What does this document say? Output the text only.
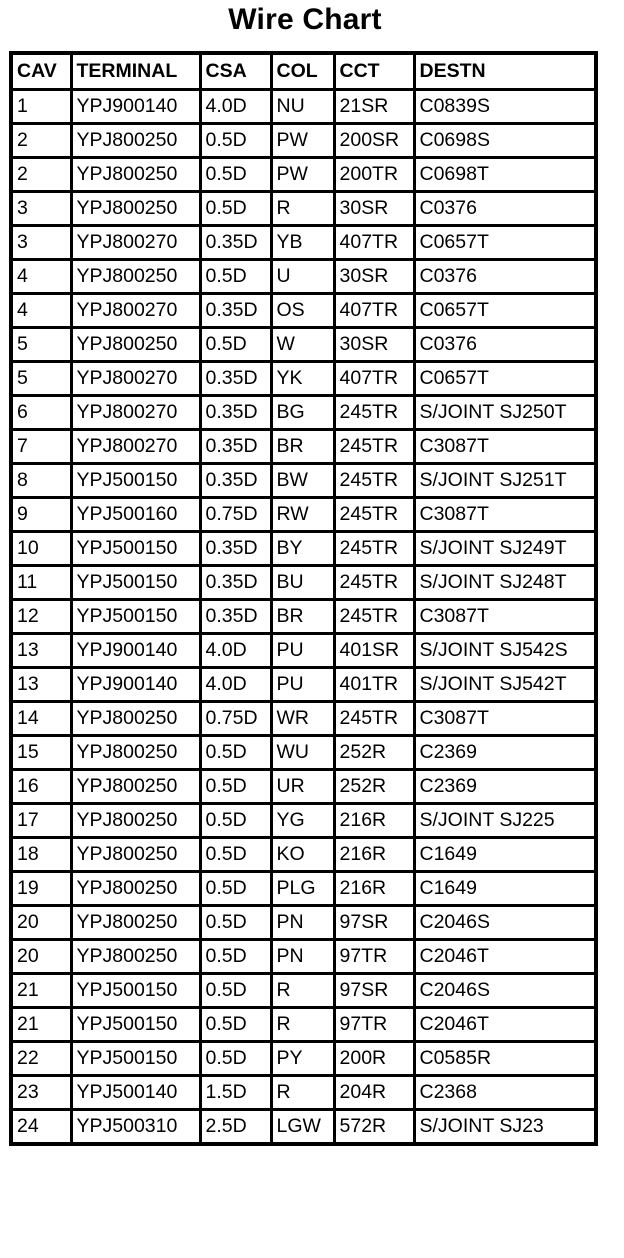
Wire Chart
CAV	TERMINAL	CSA	COL	CCT	DESTN
1	YPJ900140	4.0D	NU	21SR	C0839S
2	YPJ800250	0.5D	PW	200SR	C0698S
2	YPJ800250	0.5D	PW	200TR	C0698T
3	YPJ800250	0.5D	R	30SR	C0376
3	YPJ800270	0.35D	YB	407TR	C0657T
4	YPJ800250	0.5D	U	30SR	C0376
4	YPJ800270	0.35D	OS	407TR	C0657T
5	YPJ800250	0.5D	W	30SR	C0376
5	YPJ800270	0.35D	YK	407TR	C0657T
6	YPJ800270	0.35D	BG	245TR	S/JOINT SJ250T
7	YPJ800270	0.35D	BR	245TR	C3087T
8	YPJ500150	0.35D	BW	245TR	S/JOINT SJ251T
9	YPJ500160	0.75D	RW	245TR	C3087T
10	YPJ500150	0.35D	BY	245TR	S/JOINT SJ249T
11	YPJ500150	0.35D	BU	245TR	S/JOINT SJ248T
12	YPJ500150	0.35D	BR	245TR	C3087T
13	YPJ900140	4.0D	PU	401SR	S/JOINT SJ542S
13	YPJ900140	4.0D	PU	401TR	S/JOINT SJ542T
14	YPJ800250	0.75D	WR	245TR	C3087T
15	YPJ800250	0.5D	WU	252R	C2369
16	YPJ800250	0.5D	UR	252R	C2369
17	YPJ800250	0.5D	YG	216R	S/JOINT SJ225
18	YPJ800250	0.5D	KO	216R	C1649
19	YPJ800250	0.5D	PLG	216R	C1649
20	YPJ800250	0.5D	PN	97SR	C2046S
20	YPJ800250	0.5D	PN	97TR	C2046T
21	YPJ500150	0.5D	R	97SR	C2046S
21	YPJ500150	0.5D	R	97TR	C2046T
22	YPJ500150	0.5D	PY	200R	C0585R
23	YPJ500140	1.5D	R	204R	C2368
24	YPJ500310	2.5D	LGW	572R	S/JOINT SJ23
